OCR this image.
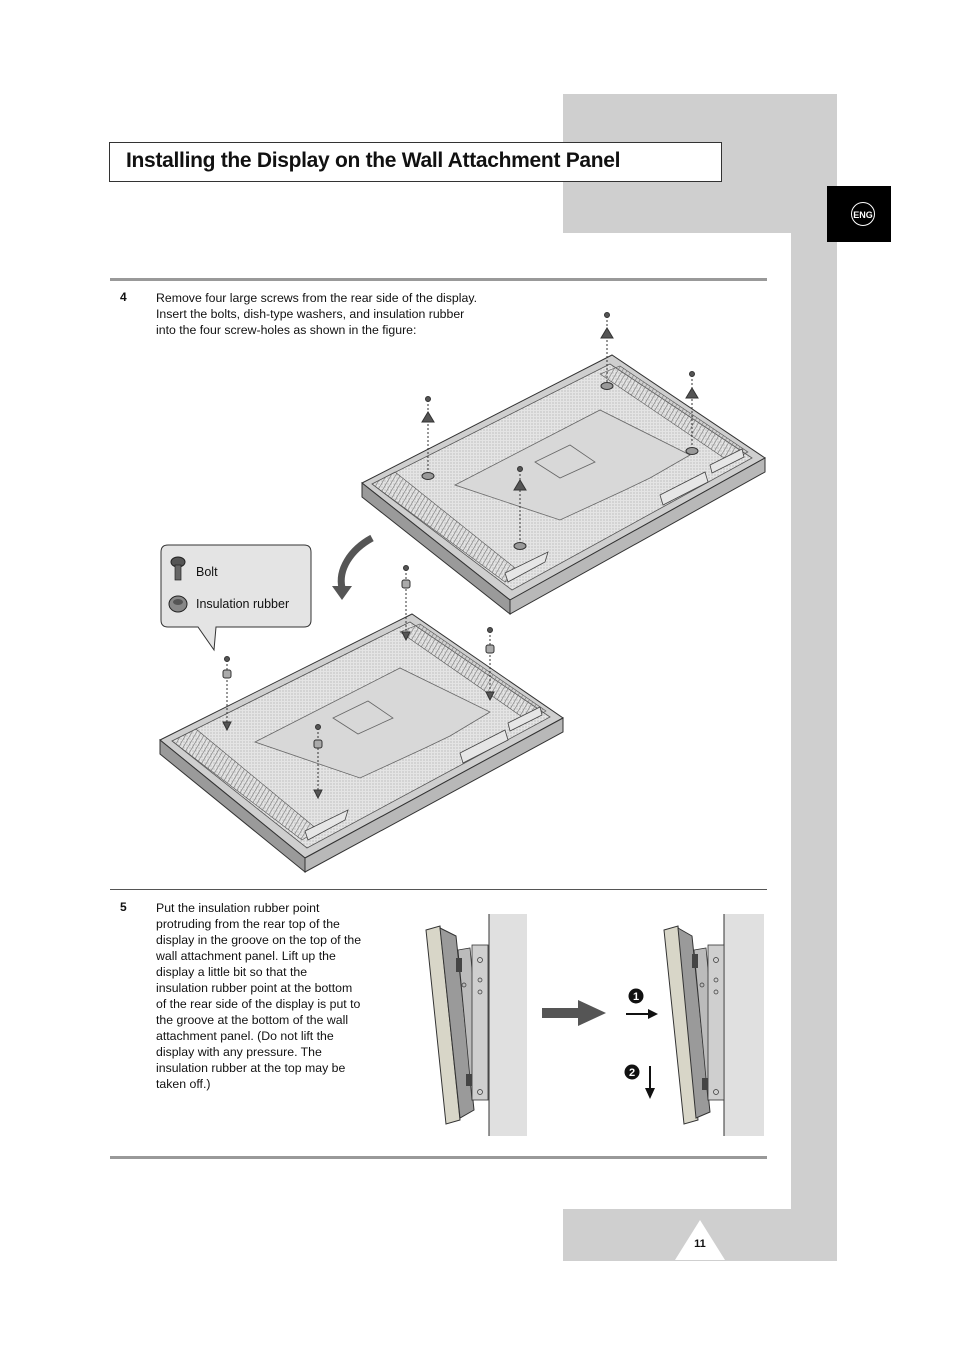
ENG
Installing the Display on the Wall Attachment Panel
4 Remove four large screws from the rear side of the display.
Insert the bolts, dish-type washers, and insulation rubber
into the four screw-holes as shown in the figure:
5 Put the insulation rubber point
protruding from the rear top of the
display in the groove on the top of the
wall attachment panel. Lift up the
display a little bit so that the
insulation rubber point at the bottom
of the rear side of the display is put to
the groove at the bottom of the wall
attachment panel. (Do not lift the
display with any pressure. The
insulation rubber at the top may be
taken off.)
1
2
Bolt
Insulation rubber
11
